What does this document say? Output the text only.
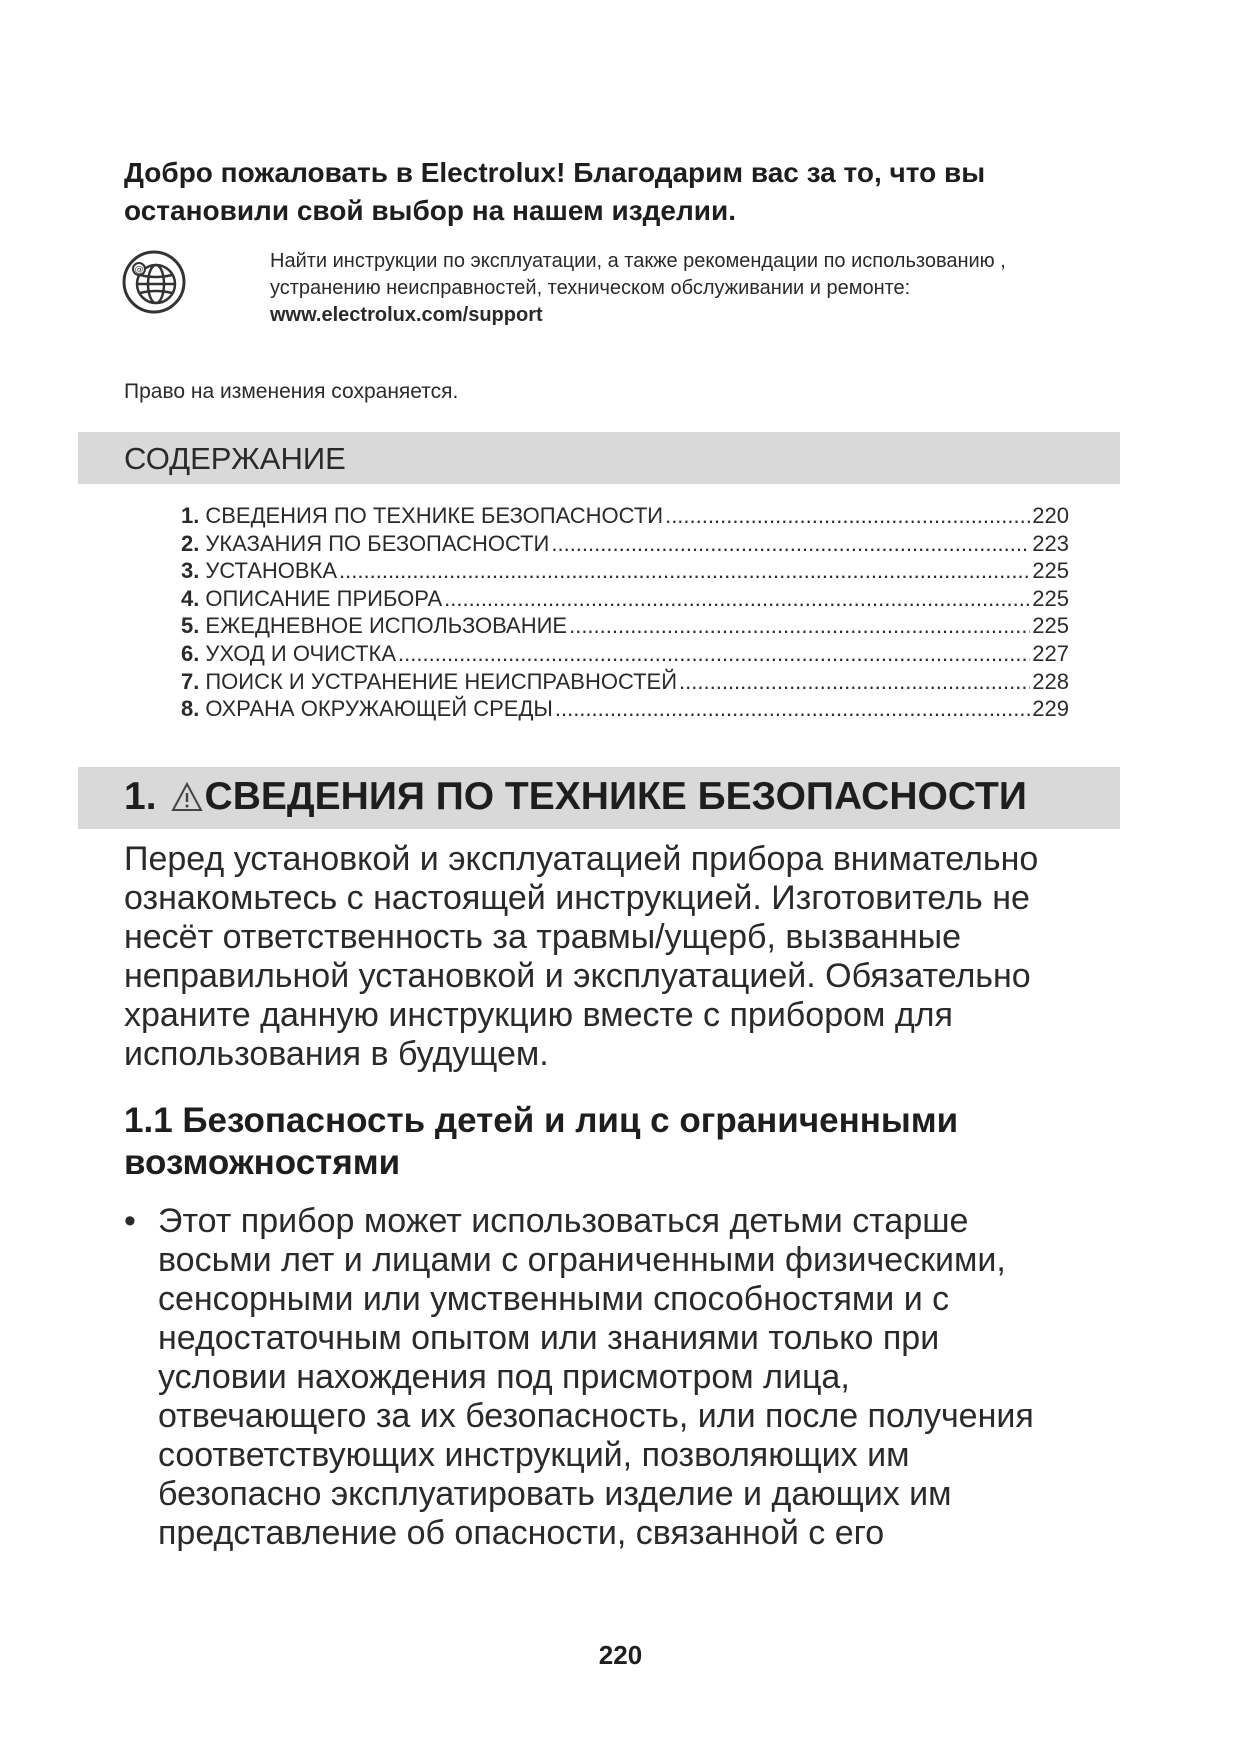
Добро пожаловать в Electrolux! Благодарим вас за то, что вы
остановили свой выбор на нашем изделии.
@	Найти инструкции по эксплуатации, а также рекомендации по использованию ,
устранению неисправностей, техническом обслуживании и ремонте:
www.electrolux.com/support
Право на изменения сохраняется.
СОДЕРЖАНИЕ
1. СВЕДЕНИЯ ПО ТЕХНИКЕ БЕЗОПАСНОСТИ .....	220
2. УКАЗАНИЯ ПО БЕЗОПАСНОСТИ .....	223
3. УСТАНОВКА .....	225
4. ОПИСАНИЕ ПРИБОРА .....	225
5. ЕЖЕДНЕВНОЕ ИСПОЛЬЗОВАНИЕ .....	225
6. УХОД И ОЧИСТКА .....	227
7. ПОИСК И УСТРАНЕНИЕ НЕИСПРАВНОСТЕЙ .....	228
8. ОХРАНА ОКРУЖАЮЩЕЙ СРЕДЫ .....	229
1. СВЕДЕНИЯ ПО ТЕХНИКЕ БЕЗОПАСНОСТИ
Перед установкой и эксплуатацией прибора внимательно
ознакомьтесь с настоящей инструкцией. Изготовитель не
несёт ответственность за травмы/ущерб, вызванные
неправильной установкой и эксплуатацией. Обязательно
храните данную инструкцию вместе с прибором для
использования в будущем.
1.1 Безопасность детей и лиц с ограниченными
возможностями
• Этот прибор может использоваться детьми старше
восьми лет и лицами с ограниченными физическими,
сенсорными или умственными способностями и с
недостаточным опытом или знаниями только при
условии нахождения под присмотром лица,
отвечающего за их безопасность, или после получения
соответствующих инструкций, позволяющих им
безопасно эксплуатировать изделие и дающих им
представление об опасности, связанной с его
220
